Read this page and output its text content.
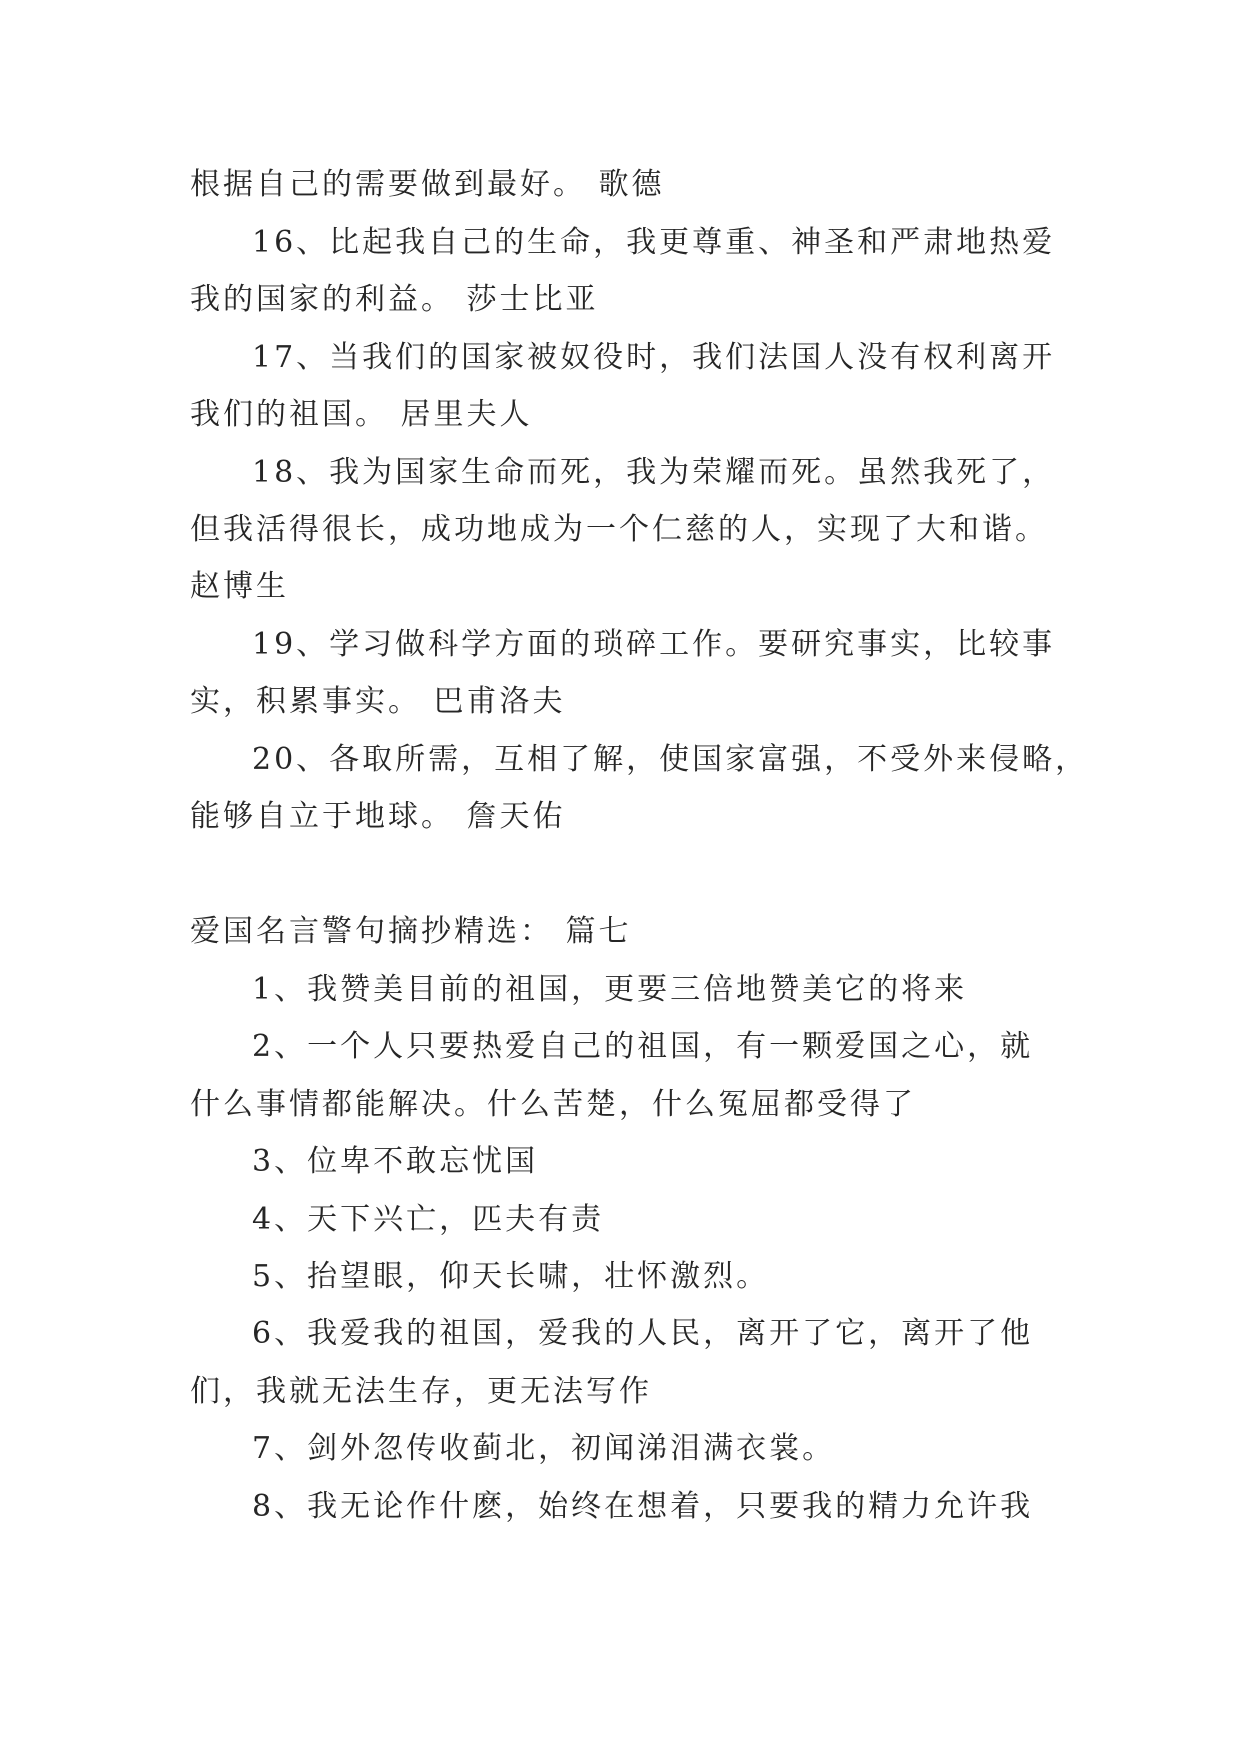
根据自己的需要做到最好。 歌德
16、比起我自己的生命，我更尊重、神圣和严肃地热爱
我的国家的利益。 莎士比亚
17、当我们的国家被奴役时，我们法国人没有权利离开
我们的祖国。 居里夫人
18、我为国家生命而死，我为荣耀而死。虽然我死了，
但我活得很长，成功地成为一个仁慈的人，实现了大和谐。
赵博生
19、学习做科学方面的琐碎工作。要研究事实，比较事
实，积累事实。 巴甫洛夫
20、各取所需，互相了解，使国家富强，不受外来侵略，
能够自立于地球。 詹天佑
爱国名言警句摘抄精选： 篇七
1、我赞美目前的祖国，更要三倍地赞美它的将来
2、一个人只要热爱自己的祖国，有一颗爱国之心，就
什么事情都能解决。什么苦楚，什么冤屈都受得了
3、位卑不敢忘忧国
4、天下兴亡，匹夫有责
5、抬望眼，仰天长啸，壮怀激烈。
6、我爱我的祖国，爱我的人民，离开了它，离开了他
们，我就无法生存，更无法写作
7、剑外忽传收蓟北，初闻涕泪满衣裳。
8、我无论作什麽，始终在想着，只要我的精力允许我
